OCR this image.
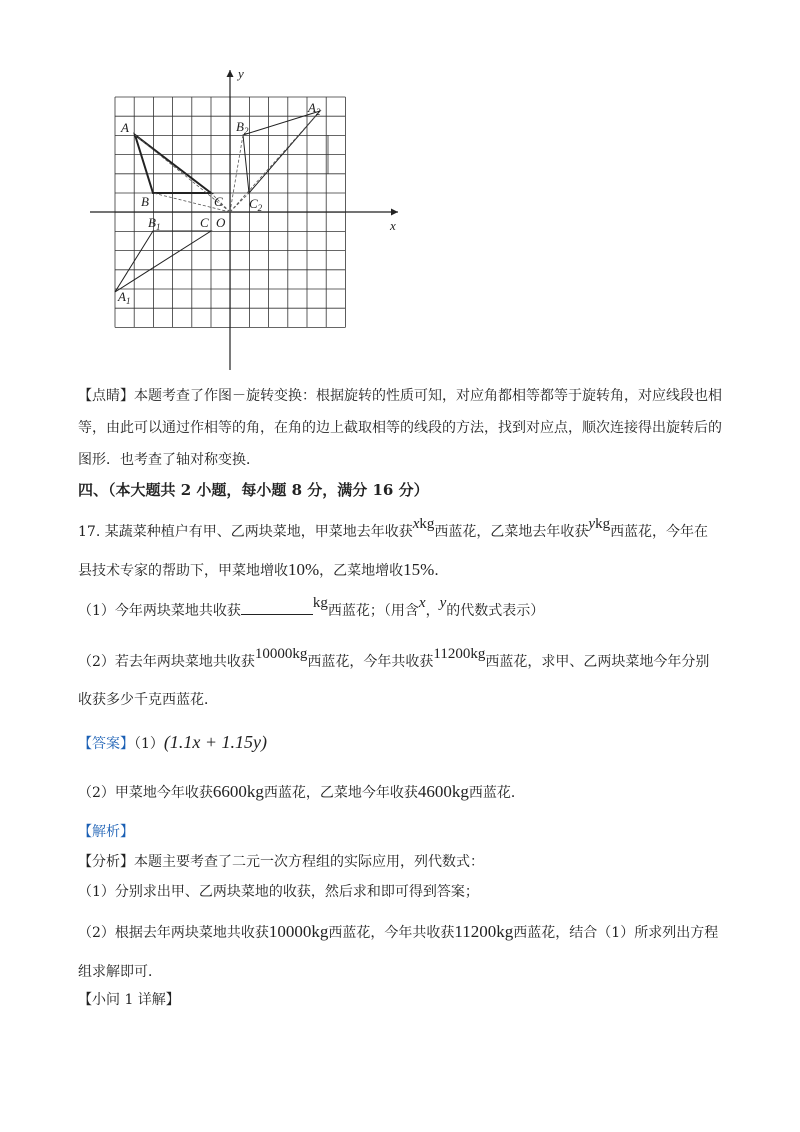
y
x
A
B	C
O
C
$B_1$
$A_1$
$B_2$
$A_2$
$C_2$
【点睛】本题考查了作图－旋转变换：根据旋转的性质可知，对应角都相等都等于旋转角，对应线段也相
等，由此可以通过作相等的角，在角的边上截取相等的线段的方法，找到对应点，顺次连接得出旋转后的
图形．也考查了轴对称变换．
四、（本大题共 2 小题，每小题 8 分，满分 16 分）
17. 某蔬菜种植户有甲、乙两块菜地，甲菜地去年收获xkg西蓝花，乙菜地去年收获ykg西蓝花，今年在
县技术专家的帮助下，甲菜地增收10%，乙菜地增收15%．
（1）今年两块菜地共收获	kg西蓝花；（用含x，y的代数式表示）
（2）若去年两块菜地共收获10000kg西蓝花，今年共收获11200kg西蓝花，求甲、乙两块菜地今年分别
收获多少千克西蓝花．
【答案】（1）(1.1x + 1.15y)
（2）甲菜地今年收获6600kg西蓝花，乙菜地今年收获4600kg西蓝花．
【解析】
【分析】本题主要考查了二元一次方程组的实际应用，列代数式：
（1）分别求出甲、乙两块菜地的收获，然后求和即可得到答案；
（2）根据去年两块菜地共收获10000kg西蓝花，今年共收获11200kg西蓝花，结合（1）所求列出方程
组求解即可．
【小问 1 详解】
